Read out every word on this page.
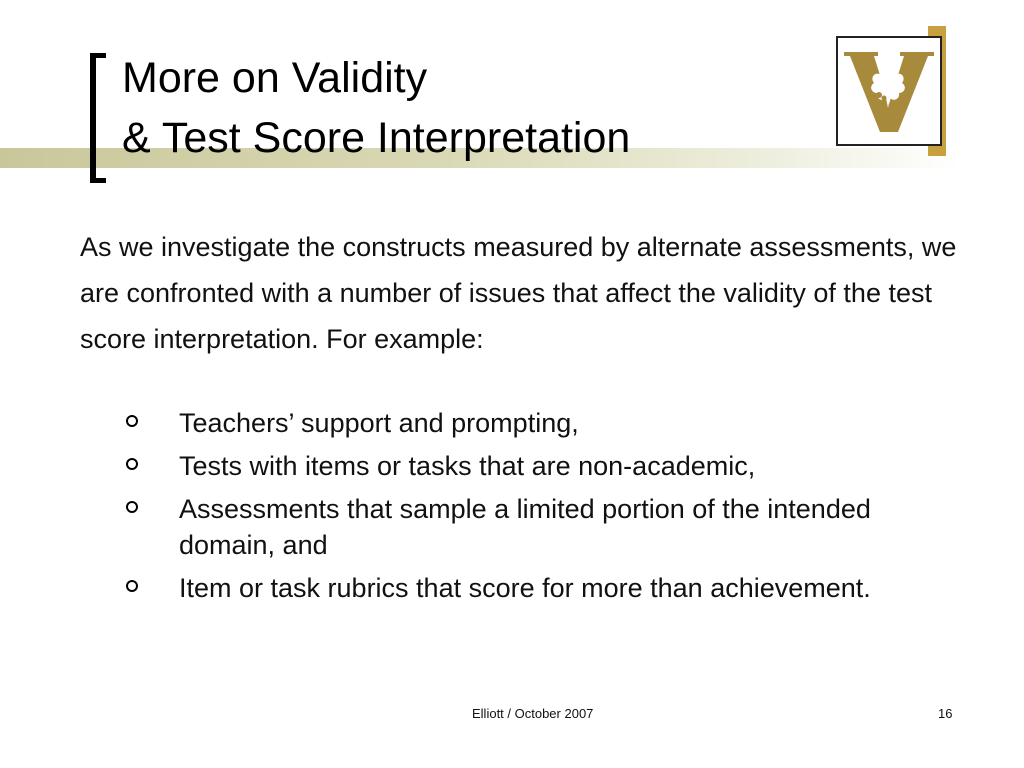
More on Validity
& Test Score Interpretation

As we investigate the constructs measured by alternate assessments, we are confronted with a number of issues that affect the validity of the test score interpretation. For example:

Teachers’ support and prompting,
Tests with items or tasks that are non-academic,
Assessments that sample a limited portion of the intended domain, and
Item or task rubrics that score for more than achievement.
Elliott / October 2007	16
